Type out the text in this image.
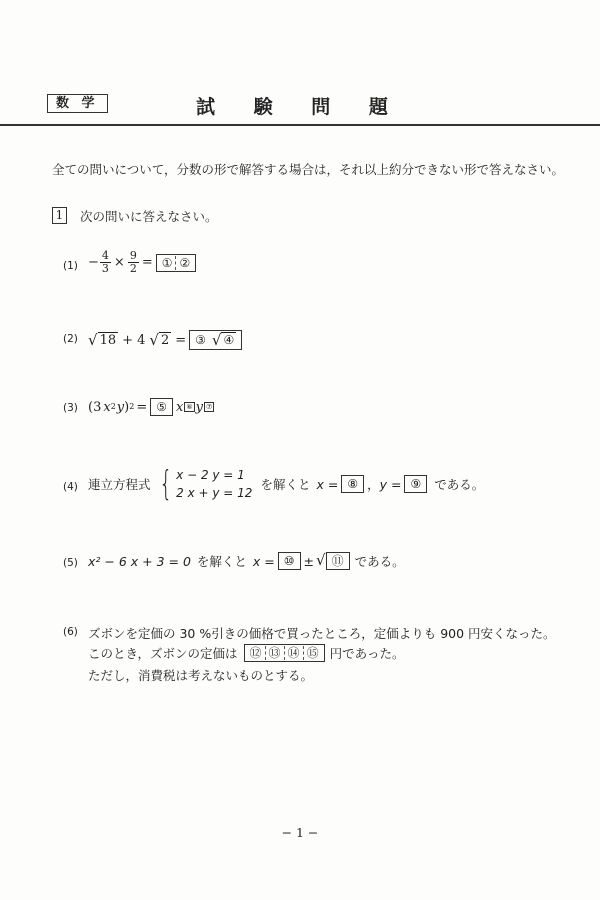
数 学	試 験 問 題
全ての問いについて，分数の形で解答する場合は，それ以上約分できない形で答えなさい。
1 次の問いに答えなさい。
$(1) - \frac{4}{3} \times \frac{9}{2}$ = ① ②
(2) √ 18 + 4 √ 2 = ③ √ ④
(3) (3 x 2 y ) 2 = ⑤ x ⑥ y ⑦
(4) 連立方程式 { x − 2 y = 1
2 x + y = 12
を解くと x = ⑧ ， y = ⑨ である。
(5) x² − 6 x + 3 = 0 を解くと x = ⑩ ± √ ⑪ である。
(6) ズボンを定価の 30 %引きの価格で買ったところ，定価よりも 900 円安くなった。
このとき，ズボンの定価は ⑫ ⑬ ⑭ ⑮ 円であった。
ただし，消費税は考えないものとする。
− 1 −
